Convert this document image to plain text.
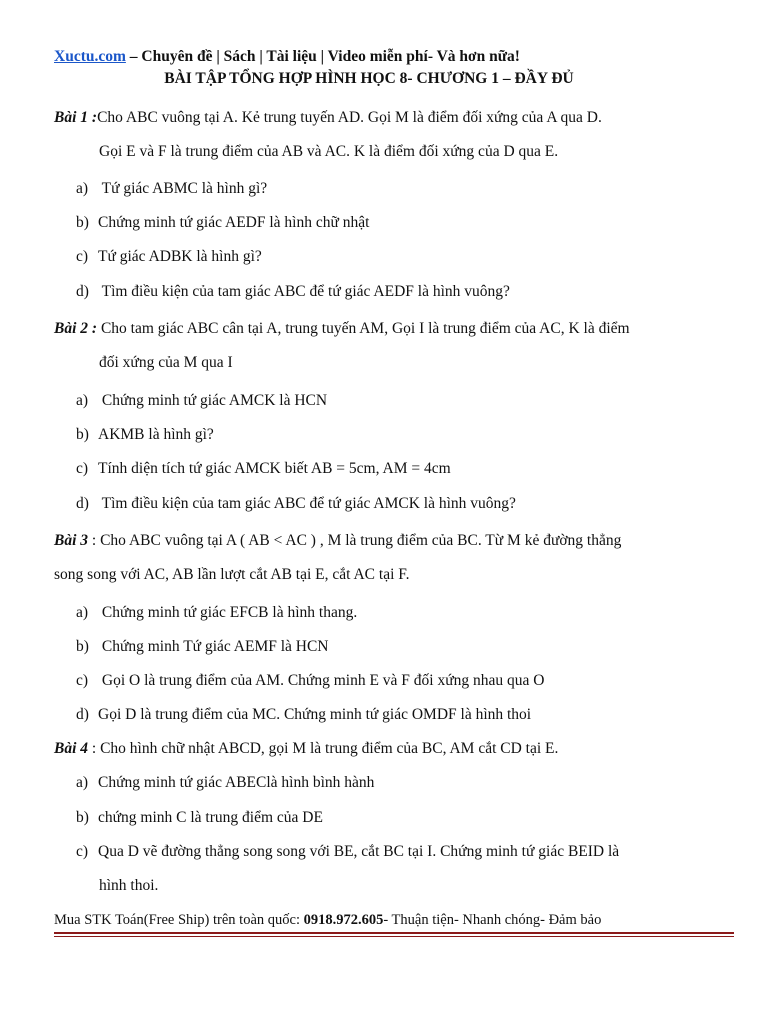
Xuctu.com – Chuyên đề | Sách | Tài liệu | Video miễn phí- Và hơn nữa!
BÀI TẬP TỔNG HỢP HÌNH HỌC 8- CHƯƠNG 1 – ĐẦY ĐỦ
Bài 1 :Cho ABC vuông tại A. Kẻ trung tuyến AD. Gọi M là điểm đối xứng của A qua D.
Gọi E và F là trung điểm của AB và AC. K là điểm đối xứng của D qua E.
a) Tứ giác ABMC là hình gì?
b) Chứng minh tứ giác AEDF là hình chữ nhật
c) Tứ giác ADBK là hình gì?
d) Tìm điều kiện của tam giác ABC để tứ giác AEDF là hình vuông?
Bài 2 : Cho tam giác ABC cân tại A, trung tuyến AM, Gọi I là trung điểm của AC, K là điểm
đối xứng của M qua I
a) Chứng minh tứ giác AMCK là HCN
b) AKMB là hình gì?
c) Tính diện tích tứ giác AMCK biết AB = 5cm, AM = 4cm
d) Tìm điều kiện của tam giác ABC để tứ giác AMCK là hình vuông?
Bài 3 : Cho ABC vuông tại A ( AB < AC ) , M là trung điểm của BC. Từ M kẻ đường thẳng
song song với AC, AB lần lượt cắt AB tại E, cắt AC tại F.
a) Chứng minh tứ giác EFCB là hình thang.
b) Chứng minh Tứ giác AEMF là HCN
c) Gọi O là trung điểm của AM. Chứng minh E và F đối xứng nhau qua O
d) Gọi D là trung điểm của MC. Chứng minh tứ giác OMDF là hình thoi
Bài 4 : Cho hình chữ nhật ABCD, gọi M là trung điểm của BC, AM cắt CD tại E.
a) Chứng minh tứ giác ABEClà hình bình hành
b) chứng minh C là trung điểm của DE
c) Qua D vẽ đường thẳng song song với BE, cắt BC tại I. Chứng minh tứ giác BEID là
hình thoi.
Mua STK Toán(Free Ship) trên toàn quốc: 0918.972.605- Thuận tiện- Nhanh chóng- Đảm bảo
